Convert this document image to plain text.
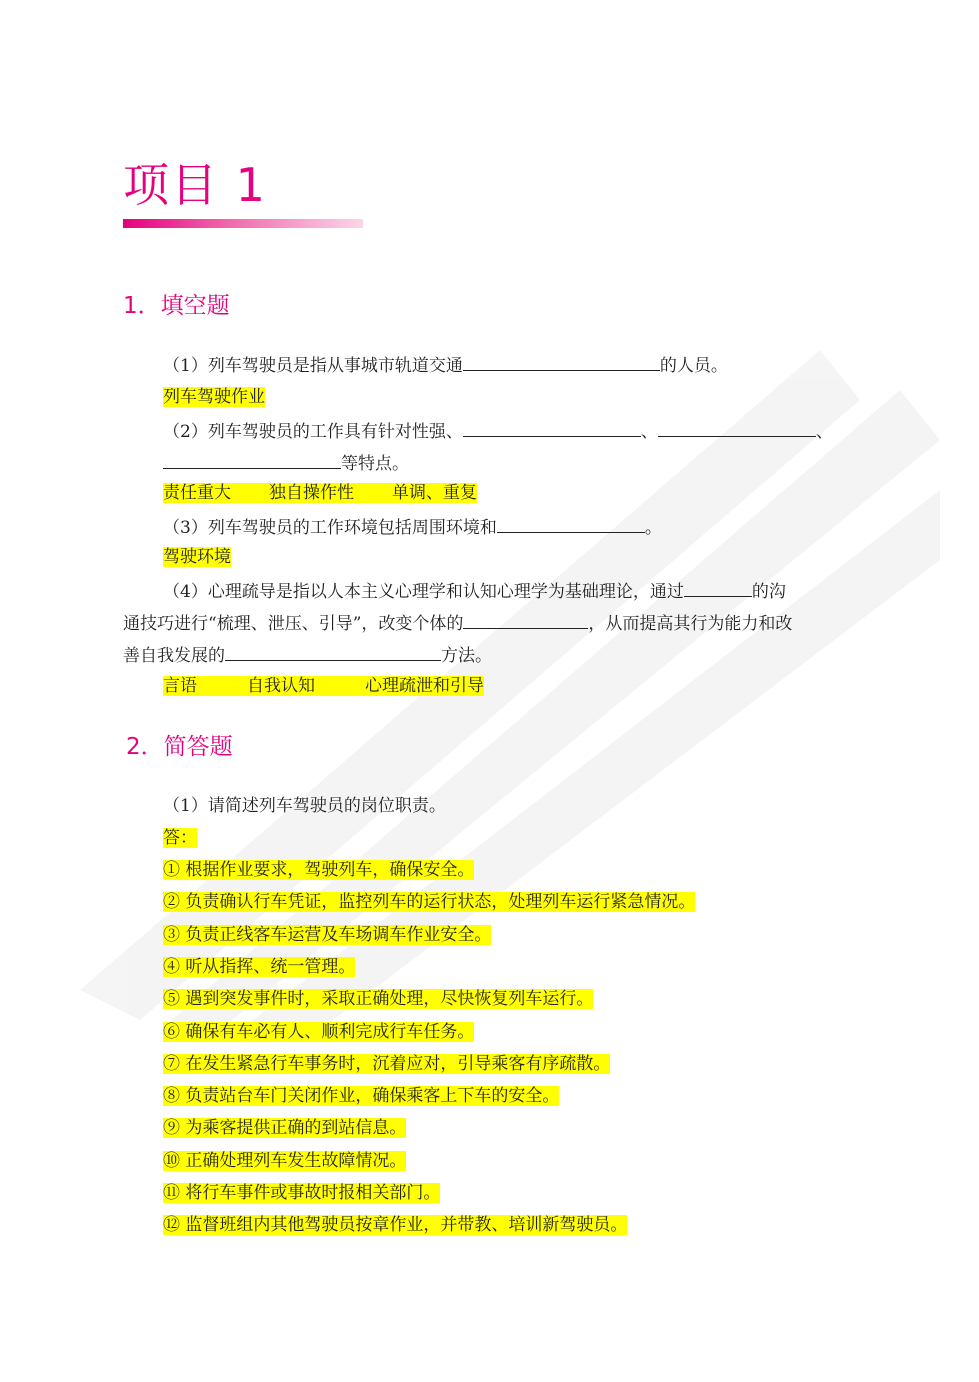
项目 1
1．填空题
（1）列车驾驶员是指从事城市轨道交通	的人员。
列车驾驶作业
（2）列车驾驶员的工作具有针对性强、	、	、
等特点。
责任重大 独自操作性 单调、重复
（3）列车驾驶员的工作环境包括周围环境和	。
驾驶环境
（4）心理疏导是指以人本主义心理学和认知心理学为基础理论，通过	的沟
通技巧进行“梳理、泄压、引导”，改变个体的	，从而提高其行为能力和改
善自我发展的	方法。
言语	自我认知	心理疏泄和引导
2．简答题
（1）请简述列车驾驶员的岗位职责。
答：
① 根据作业要求，驾驶列车，确保安全。
② 负责确认行车凭证，监控列车的运行状态，处理列车运行紧急情况。
③ 负责正线客车运营及车场调车作业安全。
④ 听从指挥、统一管理。
⑤ 遇到突发事件时，采取正确处理，尽快恢复列车运行。
⑥ 确保有车必有人、顺利完成行车任务。
⑦ 在发生紧急行车事务时，沉着应对，引导乘客有序疏散。
⑧ 负责站台车门关闭作业，确保乘客上下车的安全。
⑨ 为乘客提供正确的到站信息。
⑩ 正确处理列车发生故障情况。
⑪ 将行车事件或事故时报相关部门。
⑫ 监督班组内其他驾驶员按章作业，并带教、培训新驾驶员。
